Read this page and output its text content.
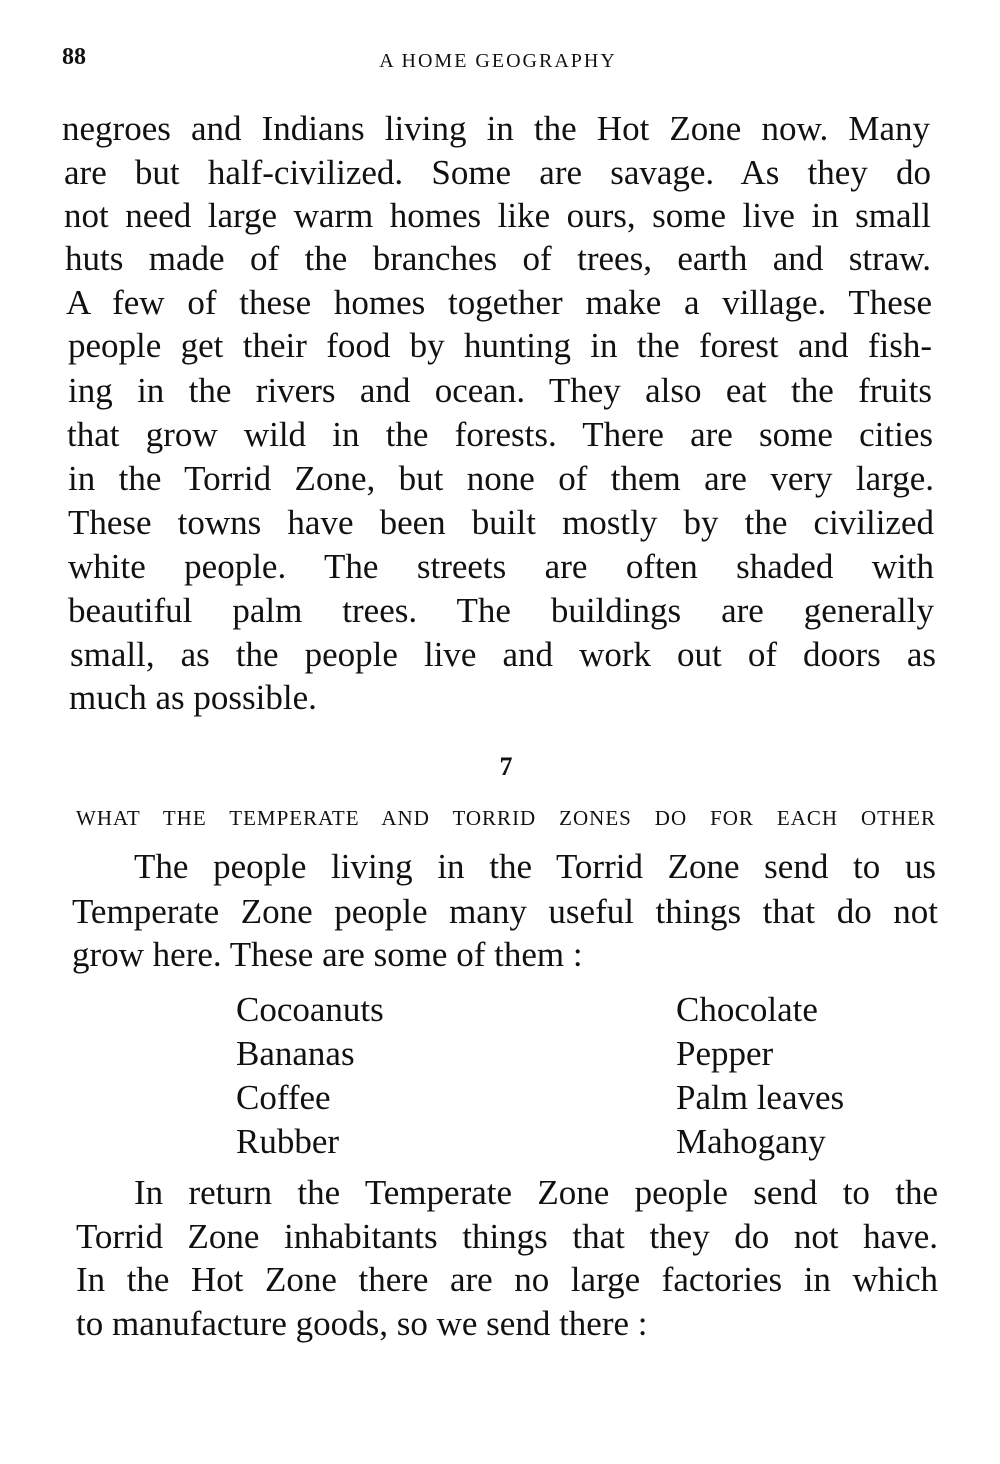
88	A HOME GEOGRAPHY
negroes and Indians living in the Hot Zone now. Many
are but half-civilized. Some are savage. As they do
not need large warm homes like ours, some live in small
huts made of the branches of trees, earth and straw.
A few of these homes together make a village. These
people get their food by hunting in the forest and fish-
ing in the rivers and ocean. They also eat the fruits
that grow wild in the forests. There are some cities
in the Torrid Zone, but none of them are very large.
These towns have been built mostly by the civilized
white people. The streets are often shaded with
beautiful palm trees. The buildings are generally
small, as the people live and work out of doors as
much as possible.
7
WHAT THE TEMPERATE AND TORRID ZONES DO FOR EACH OTHER
The people living in the Torrid Zone send to us
Temperate Zone people many useful things that do not
grow here. These are some of them :
Cocoanuts
Bananas
Coffee
Rubber
Chocolate
Pepper
Palm leaves
Mahogany
In return the Temperate Zone people send to the
Torrid Zone inhabitants things that they do not have.
In the Hot Zone there are no large factories in which
to manufacture goods, so we send there :
